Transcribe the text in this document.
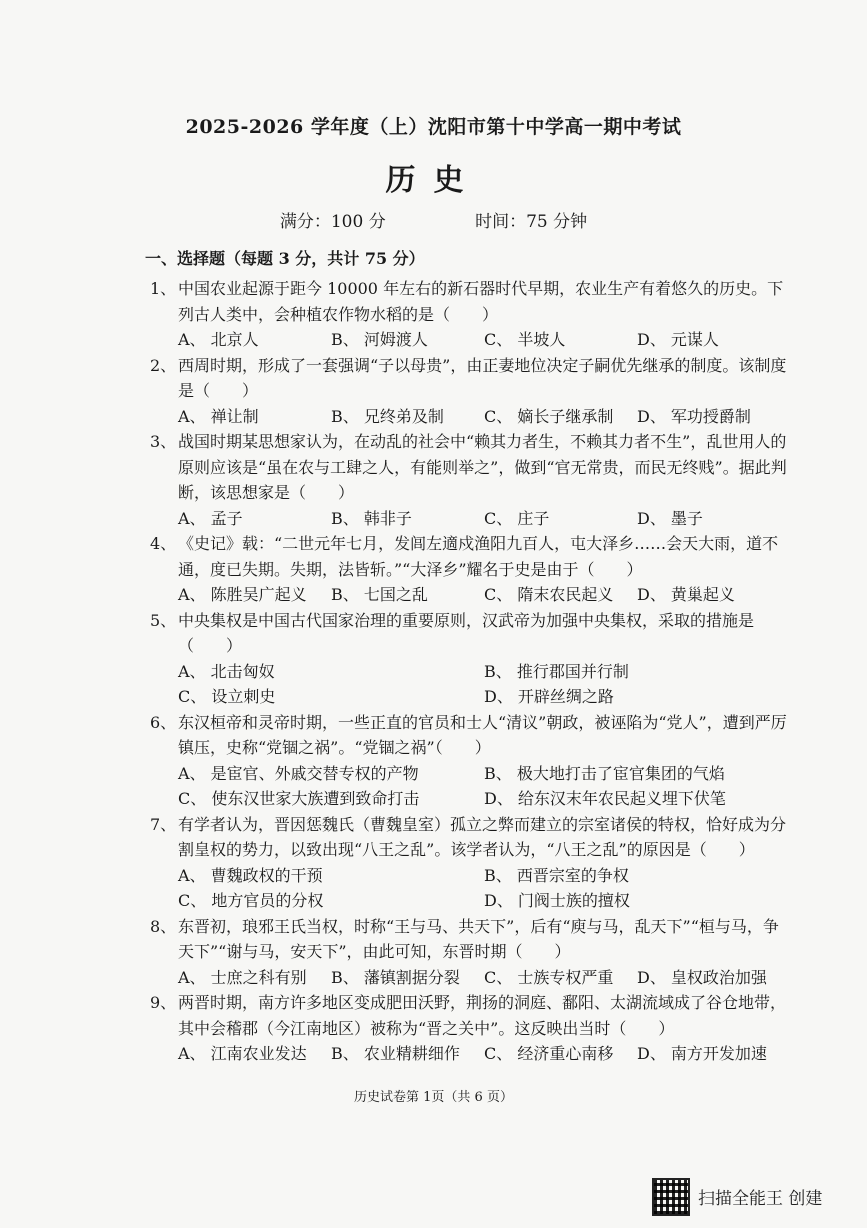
2025-2026 学年度（上）沈阳市第十中学高一期中考试
历史
满分：100 分	时间：75 分钟
一、选择题（每题 3 分，共计 75 分）
1、 中国农业起源于距今 10000 年左右的新石器时代早期，农业生产有着悠久的历史。下列古人类中，会种植农作物水稻的是（　　）
A、 北京人	B、 河姆渡人	C、 半坡人	D、 元谋人
2、 西周时期，形成了一套强调“子以母贵”，由正妻地位决定子嗣优先继承的制度。该制度是（　　）
A、 禅让制	B、 兄终弟及制	C、 嫡长子继承制	D、 军功授爵制
3、 战国时期某思想家认为，在动乱的社会中“赖其力者生，不赖其力者不生”，乱世用人的原则应该是“虽在农与工肆之人，有能则举之”，做到“官无常贵，而民无终贱”。据此判断，该思想家是（　　）
A、 孟子	B、 韩非子	C、 庄子	D、 墨子
4、 《史记》载：“二世元年七月，发闾左適戍渔阳九百人，屯大泽乡……会天大雨，道不通，度已失期。失期，法皆斩。”“大泽乡”耀名于史是由于（　　）
A、 陈胜吴广起义	B、 七国之乱	C、 隋末农民起义	D、 黄巢起义
5、 中央集权是中国古代国家治理的重要原则，汉武帝为加强中央集权，采取的措施是（　　）
A、 北击匈奴	B、 推行郡国并行制
C、 设立刺史	D、 开辟丝绸之路
6、 东汉桓帝和灵帝时期，一些正直的官员和士人“清议”朝政，被诬陷为“党人”，遭到严厉镇压，史称“党锢之祸”。“党锢之祸”（　　）
A、 是宦官、外戚交替专权的产物	B、 极大地打击了宦官集团的气焰
C、 使东汉世家大族遭到致命打击	D、 给东汉末年农民起义埋下伏笔
7、 有学者认为，晋因惩魏氏（曹魏皇室）孤立之弊而建立的宗室诸侯的特权，恰好成为分割皇权的势力，以致出现“八王之乱”。该学者认为，“八王之乱”的原因是（　　）
A、 曹魏政权的干预	B、 西晋宗室的争权
C、 地方官员的分权	D、 门阀士族的擅权
8、 东晋初，琅邪王氏当权，时称“王与马、共天下”，后有“庾与马，乱天下”“桓与马，争天下”“谢与马，安天下”，由此可知，东晋时期（　　）
A、 士庶之科有别	B、 藩镇割据分裂	C、 士族专权严重	D、 皇权政治加强
9、 两晋时期，南方许多地区变成肥田沃野，荆扬的洞庭、鄱阳、太湖流域成了谷仓地带，其中会稽郡（今江南地区）被称为“晋之关中”。这反映出当时（　　）
A、 江南农业发达	B、 农业精耕细作	C、 经济重心南移	D、 南方开发加速
历史试卷第 1页（共 6 页）
扫描全能王 创建
